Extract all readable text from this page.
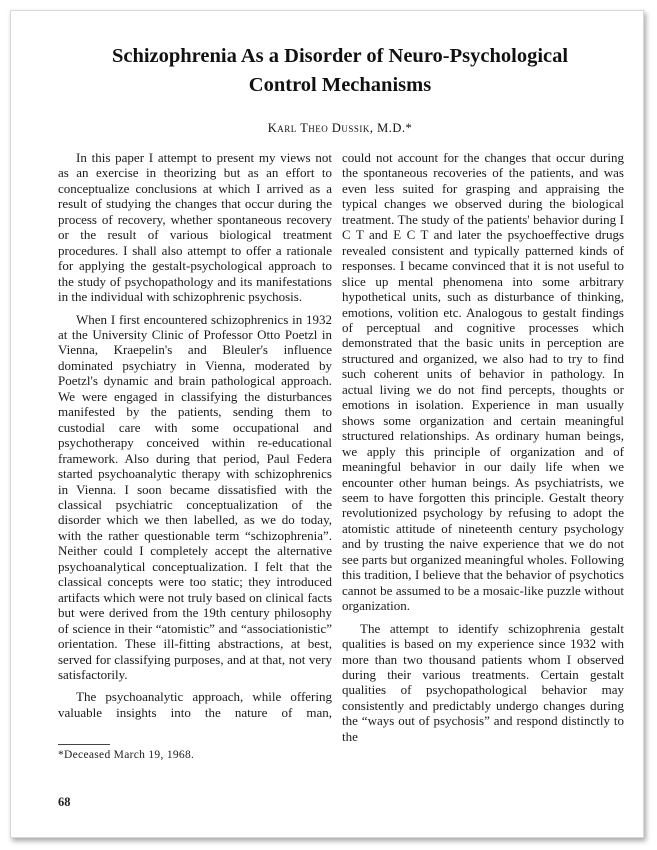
Schizophrenia As a Disorder of Neuro-Psychological
Control Mechanisms
Karl Theo Dussik, M.D.*

In this paper I attempt to present my views not as an exercise in theorizing but as an effort to conceptualize conclusions at which I arrived as a result of studying the changes that occur during the process of recovery, whether spontaneous recovery or the result of various biological treatment procedures. I shall also attempt to offer a rationale for applying the gestalt-psychological approach to the study of psychopathology and its manifestations in the individual with schizophrenic psychosis.

When I first encountered schizophrenics in 1932 at the University Clinic of Professor Otto Poetzl in Vienna, Kraepelin's and Bleuler's influence dominated psychiatry in Vienna, moderated by Poetzl's dynamic and brain pathological approach. We were engaged in classifying the disturbances manifested by the patients, sending them to custodial care with some occupational and psychotherapy conceived within re-educational framework. Also during that period, Paul Federa started psychoanalytic therapy with schizophrenics in Vienna. I soon became dissatisfied with the classical psychiatric conceptualization of the disorder which we then labelled, as we do today, with the rather questionable term “schizophrenia”. Neither could I completely accept the alternative psychoanalytical conceptualization. I felt that the classical concepts were too static; they introduced artifacts which were not truly based on clinical facts but were derived from the 19th century philosophy of science in their “atomistic” and “associationistic” orientation. These ill-fitting abstractions, at best, served for classifying purposes, and at that, not very satisfactorily.

The psychoanalytic approach, while offering valuable insights into the nature of man,

could not account for the changes that occur during the spontaneous recoveries of the patients, and was even less suited for grasping and appraising the typical changes we observed during the biological treatment. The study of the patients' behavior during I C T and E C T and later the psychoeffective drugs revealed consistent and typically patterned kinds of responses. I became convinced that it is not useful to slice up mental phenomena into some arbitrary hypothetical units, such as disturbance of thinking, emotions, volition etc. Analogous to gestalt findings of perceptual and cognitive processes which demonstrated that the basic units in perception are structured and organized, we also had to try to find such coherent units of behavior in pathology. In actual living we do not find percepts, thoughts or emotions in isolation. Experience in man usually shows some organization and certain meaningful structured relationships. As ordinary human beings, we apply this principle of organization and of meaningful behavior in our daily life when we encounter other human beings. As psychiatrists, we seem to have forgotten this principle. Gestalt theory revolutionized psychology by refusing to adopt the atomistic attitude of nineteenth century psychology and by trusting the naive experience that we do not see parts but organized meaningful wholes. Following this tradition, I believe that the behavior of psychotics cannot be assumed to be a mosaic-like puzzle without organization.

The attempt to identify schizophrenia gestalt qualities is based on my experience since 1932 with more than two thousand patients whom I observed during their various treatments. Certain gestalt qualities of psychopathological behavior may consistently and predictably undergo changes during the “ways out of psychosis” and respond distinctly to the

*Deceased March 19, 1968.
68
